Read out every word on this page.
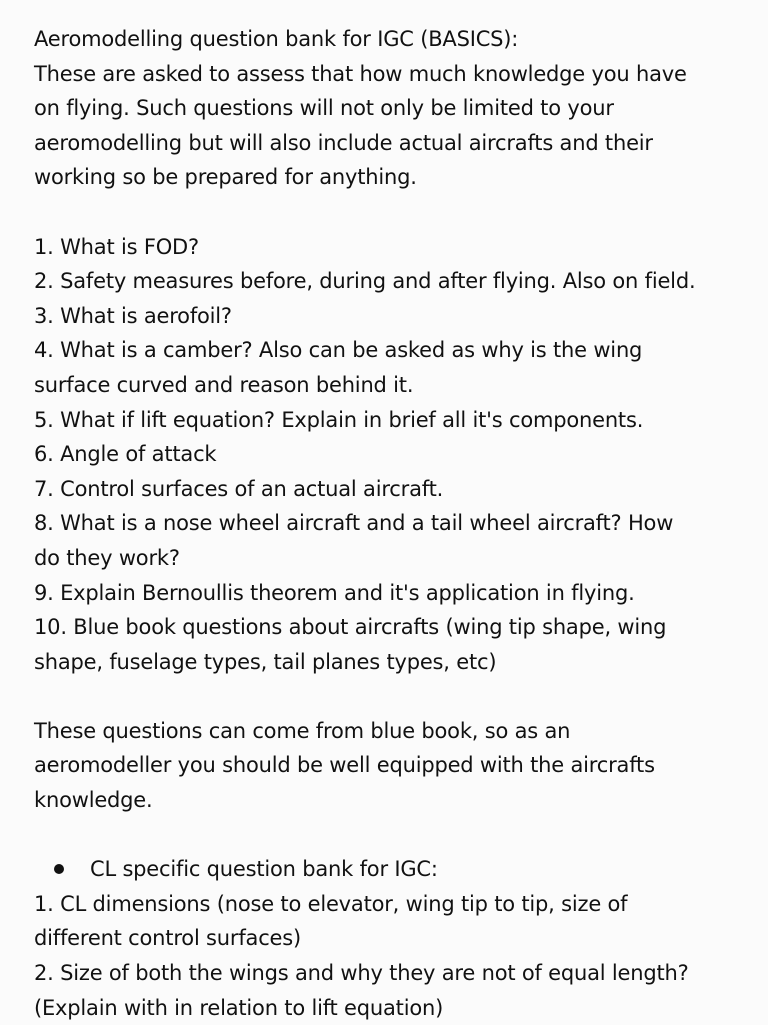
Aeromodelling question bank for IGC (BASICS):
These are asked to assess that how much knowledge you have
on flying. Such questions will not only be limited to your
aeromodelling but will also include actual aircrafts and their
working so be prepared for anything.
1. What is FOD?
2. Safety measures before, during and after flying. Also on field.
3. What is aerofoil?
4. What is a camber? Also can be asked as why is the wing
surface curved and reason behind it.
5. What if lift equation? Explain in brief all it's components.
6. Angle of attack
7. Control surfaces of an actual aircraft.
8. What is a nose wheel aircraft and a tail wheel aircraft? How
do they work?
9. Explain Bernoullis theorem and it's application in flying.
10. Blue book questions about aircrafts (wing tip shape, wing
shape, fuselage types, tail planes types, etc)
These questions can come from blue book, so as an
aeromodeller you should be well equipped with the aircrafts
knowledge.
CL specific question bank for IGC:
1. CL dimensions (nose to elevator, wing tip to tip, size of
different control surfaces)
2. Size of both the wings and why they are not of equal length?
(Explain with in relation to lift equation)
